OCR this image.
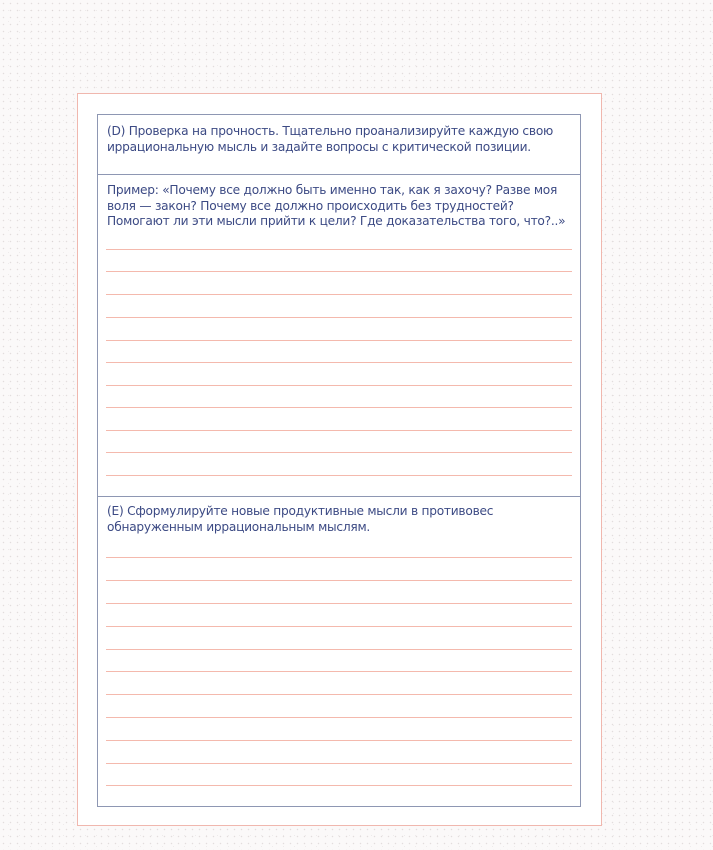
(D) Проверка на прочность. Тщательно проанализируйте каждую свою иррациональную мысль и задайте вопросы с критической позиции.

Пример: «Почему все должно быть именно так, как я захочу? Разве моя воля — закон? Почему все должно происходить без трудностей? Помогают ли эти мысли прийти к цели? Где доказательства того, что?..»

(E) Сформулируйте новые продуктивные мысли в противовес обнаруженным иррациональным мыслям.
